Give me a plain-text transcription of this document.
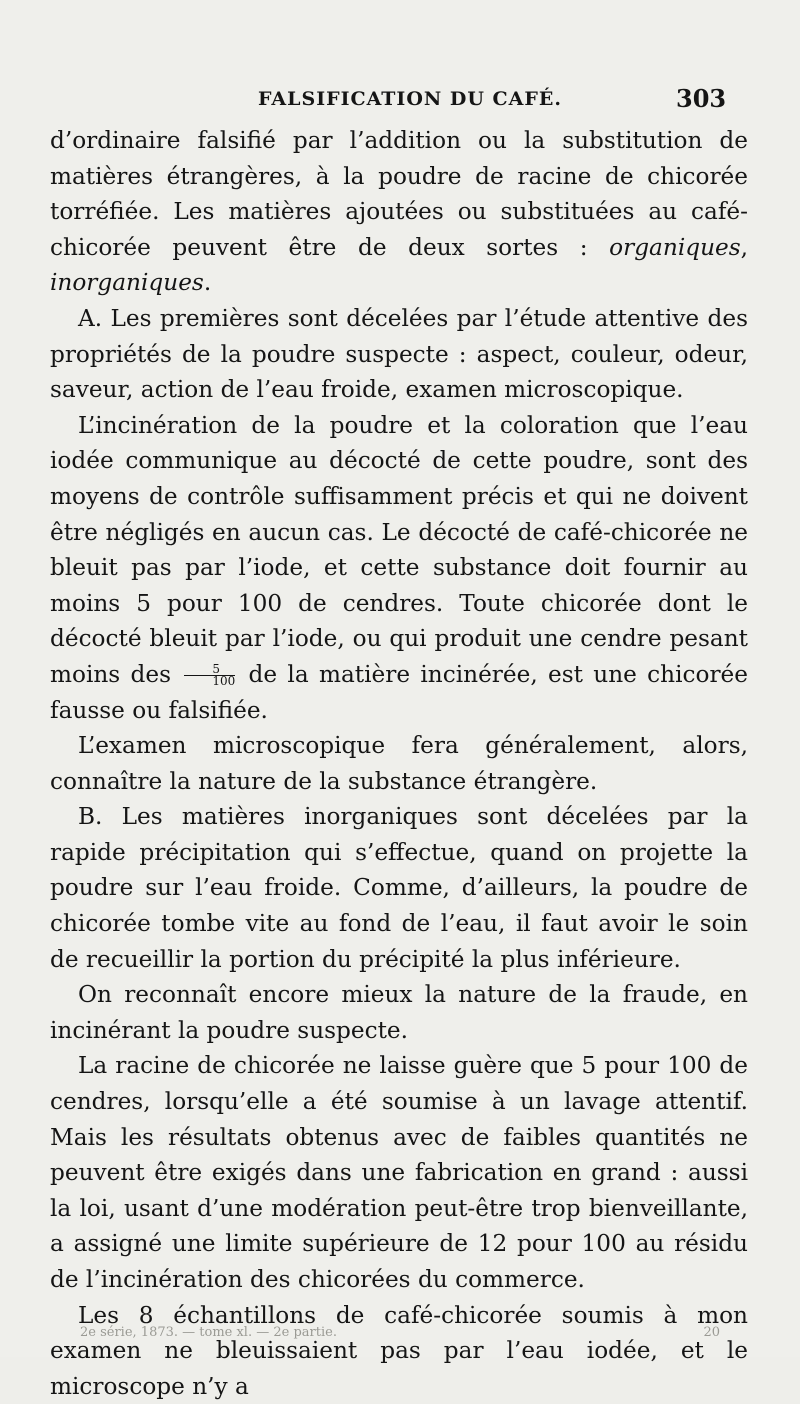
FALSIFICATION DU CAFÉ.	303

d’ordinaire falsifié par l’addition ou la substitution de matières étrangères, à la poudre de racine de chicorée torréfiée. Les matières ajoutées ou substituées au café-chicorée peuvent être de deux sortes : organiques, inorganiques.

A. Les premières sont décelées par l’étude attentive des propriétés de la poudre suspecte : aspect, couleur, odeur, saveur, action de l’eau froide, examen microscopique.

L’incinération de la poudre et la coloration que l’eau iodée communique au décocté de cette poudre, sont des moyens de contrôle suffisamment précis et qui ne doivent être négligés en aucun cas. Le décocté de café-chicorée ne bleuit pas par l’iode, et cette substance doit fournir au moins 5 pour 100 de cendres. Toute chicorée dont le décocté bleuit par l’iode, ou qui produit une cendre pesant moins des $\frac{5}{100}$ de la matière incinérée, est une chicorée fausse ou falsifiée.

L’examen microscopique fera généralement, alors, connaître la nature de la substance étrangère.

B. Les matières inorganiques sont décelées par la rapide précipitation qui s’effectue, quand on projette la poudre sur l’eau froide. Comme, d’ailleurs, la poudre de chicorée tombe vite au fond de l’eau, il faut avoir le soin de recueillir la portion du précipité la plus inférieure.

On reconnaît encore mieux la nature de la fraude, en incinérant la poudre suspecte.

La racine de chicorée ne laisse guère que 5 pour 100 de cendres, lorsqu’elle a été soumise à un lavage attentif. Mais les résultats obtenus avec de faibles quantités ne peuvent être exigés dans une fabrication en grand : aussi la loi, usant d’une modération peut-être trop bienveillante, a assigné une limite supérieure de 12 pour 100 au résidu de l’incinération des chicorées du commerce.

Les 8 échantillons de café-chicorée soumis à mon examen ne bleuissaient pas par l’eau iodée, et le microscope n’y a

2e série, 1873. — tome xl. — 2e partie.	20
